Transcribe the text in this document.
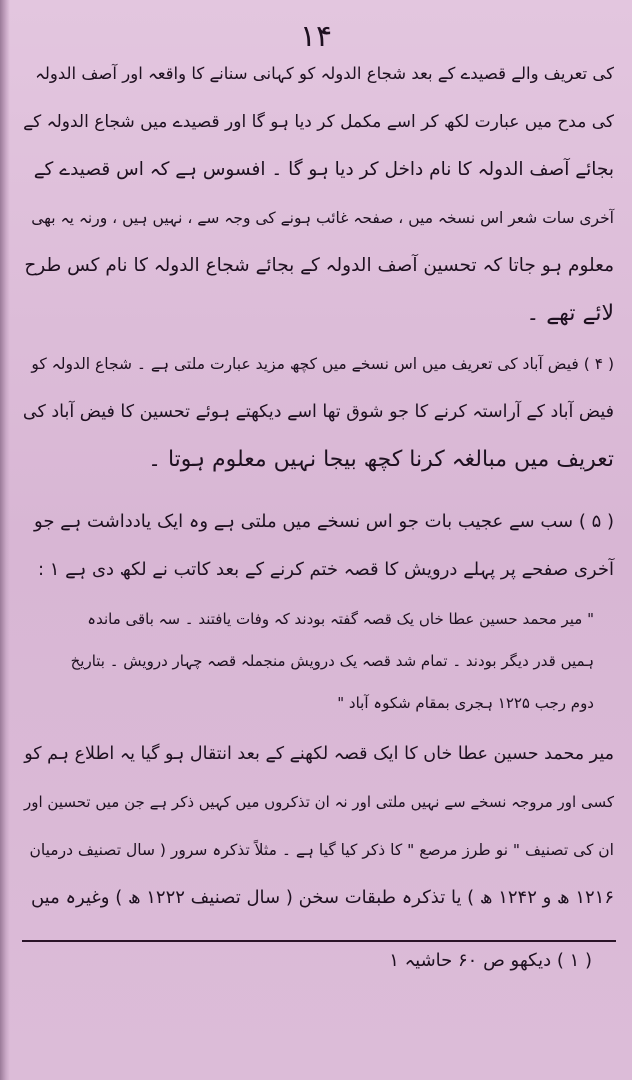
۱۴
کی تعریف والے قصیدے کے بعد شجاع الدولہ کو کہانی سنانے کا واقعہ اور آصف الدولہ
کی مدح میں عبارت لکھ کر اسے مکمل کر دیا ہو گا اور قصیدے میں شجاع الدولہ کے
بجائے آصف الدولہ کا نام داخل کر دیا ہو گا ۔ افسوس ہے کہ اس قصیدے کے
آخری سات شعر اس نسخہ میں ، صفحہ غائب ہونے کی وجہ سے ، نہیں ہیں ، ورنہ یہ بھی
معلوم ہو جاتا کہ تحسین آصف الدولہ کے بجائے شجاع الدولہ کا نام کس طرح
لائے تھے ۔
( ۴ ) فیض آباد کی تعریف میں اس نسخے میں کچھ مزید عبارت ملتی ہے ۔ شجاع الدولہ کو
فیض آباد کے آراستہ کرنے کا جو شوق تھا اسے دیکھتے ہوئے تحسین کا فیض آباد کی
تعریف میں مبالغہ کرنا کچھ بیجا نہیں معلوم ہوتا ۔
( ۵ ) سب سے عجیب بات جو اس نسخے میں ملتی ہے وہ ایک یادداشت ہے جو
آخری صفحے پر پہلے درویش کا قصہ ختم کرنے کے بعد کاتب نے لکھ دی ہے ۱ :
" میر محمد حسین عطا خاں یک قصہ گفتہ بودند کہ وفات یافتند ۔ سہ باقی ماندہ
ہمیں قدر دیگر بودند ۔ تمام شد قصہ یک درویش منجملہ قصہ چہار درویش ۔ بتاریخ
دوم رجب ۱۲۲۵ ہجری بمقام شکوہ آباد "
میر محمد حسین عطا خاں کا ایک قصہ لکھنے کے بعد انتقال ہو گیا یہ اطلاع ہم کو
کسی اور مروجہ نسخے سے نہیں ملتی اور نہ ان تذکروں میں کہیں ذکر ہے جن میں تحسین اور
ان کی تصنیف " نو طرز مرصع " کا ذکر کیا گیا ہے ۔ مثلاً تذکرہ سرور ( سال تصنیف درمیان
۱۲۱۶ ھ و ۱۲۴۲ ھ ) یا تذکرہ طبقات سخن ( سال تصنیف ۱۲۲۲ ھ ) وغیرہ میں
( ۱ ) دیکھو ص ۶۰ حاشیہ ۱
